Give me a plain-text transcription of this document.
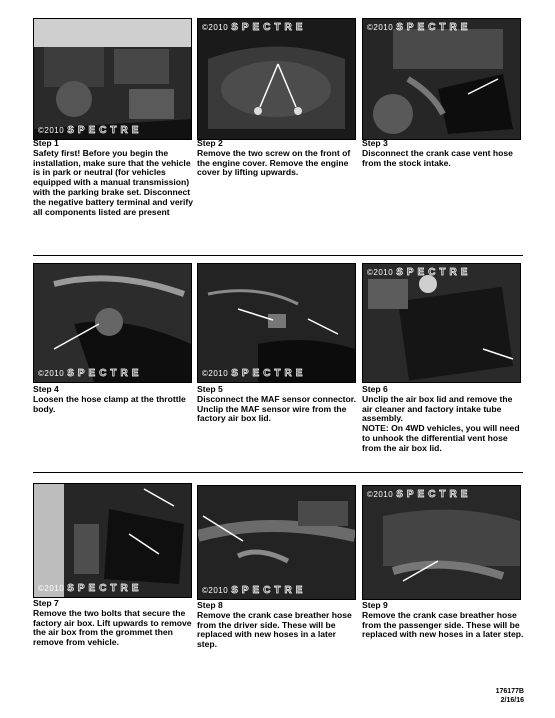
©2010 SPECTRE
©2010 SPECTRE	©2010 SPECTRE
Step 1
Safety first! Before you begin the installation, make sure that the vehicle is in park or neutral (for vehicles equipped with a manual transmission) with the parking brake set. Disconnect the negative battery terminal and verify all components listed are present
Step 2
Remove the two screw on the front of the engine cover. Remove the engine cover by lifting upwards.
Step 3
Disconnect the crank case vent hose from the stock intake.
©2010 SPECTRE	©2010 SPECTRE
©2010 SPECTRE
Step 4
Loosen the hose clamp at the throttle body.
Step 5
Disconnect the MAF sensor connector. Unclip the MAF sensor wire from the factory air box lid.
Step 6
Unclip the air box lid and remove the air cleaner and factory intake tube assembly.
NOTE: On 4WD vehicles, you will need to unhook the differential vent hose from the air box lid.
©2010 SPECTRE	©2010 SPECTRE
©2010 SPECTRE
Step 7
Remove the two bolts that secure the factory air box. Lift upwards to remove the air box from the grommet then remove from vehicle.
Step 8
Remove the crank case breather hose from the driver side. These will be replaced with new hoses in a later step.
Step 9
Remove the crank case breather hose from the passenger side. These will be replaced with new hoses in a later step.
176177B
2/16/16
